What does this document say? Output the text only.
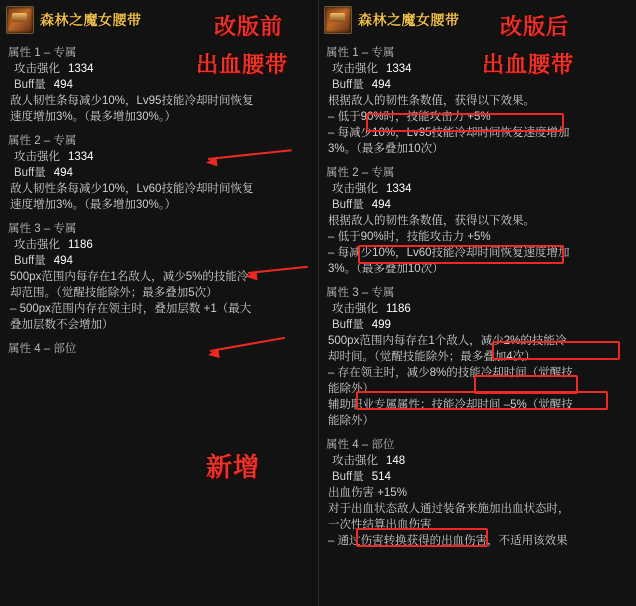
森林之魔女腰带
属性 1 – 专属
攻击强化 1334
Buff量 494
敌人韧性条每减少10%，Lv95技能冷却时间恢复
速度增加3%。（最多增加30%。）
属性 2 – 专属
攻击强化 1334
Buff量 494
敌人韧性条每减少10%，Lv60技能冷却时间恢复
速度增加3%。（最多增加30%。）
属性 3 – 专属
攻击强化 1186
Buff量 494
500px范围内每存在1名敌人，减少5%的技能冷
却范围。（觉醒技能除外；最多叠加5次）
– 500px范围内存在领主时，叠加层数 +1（最大
叠加层数不会增加）
属性 4 – 部位
森林之魔女腰带
属性 1 – 专属
攻击强化 1334
Buff量 494
根据敌人的韧性条数值，获得以下效果。
– 低于90%时，技能攻击力 +5%
– 每减少10%，Lv95技能冷却时间恢复速度增加
3%。（最多叠加10次）
属性 2 – 专属
攻击强化 1334
Buff量 494
根据敌人的韧性条数值，获得以下效果。
– 低于90%时，技能攻击力 +5%
– 每减少10%，Lv60技能冷却时间恢复速度增加
3%。（最多叠加10次）
属性 3 – 专属
攻击强化 1186
Buff量 499
500px范围内每存在1个敌人，减少2%的技能冷
却时间。（觉醒技能除外；最多叠加4次）
– 存在领主时，减少8%的技能冷却时间（觉醒技
能除外）
辅助职业专属属性：技能冷却时间 –5%（觉醒技
能除外）
属性 4 – 部位
攻击强化 148
Buff量 514
出血伤害 +15%
对于出血状态敌人通过装备来施加出血状态时，
一次性结算出血伤害
– 通过伤害转换获得的出血伤害，不适用该效果
改版前
出血腰带
改版后
出血腰带
新增
